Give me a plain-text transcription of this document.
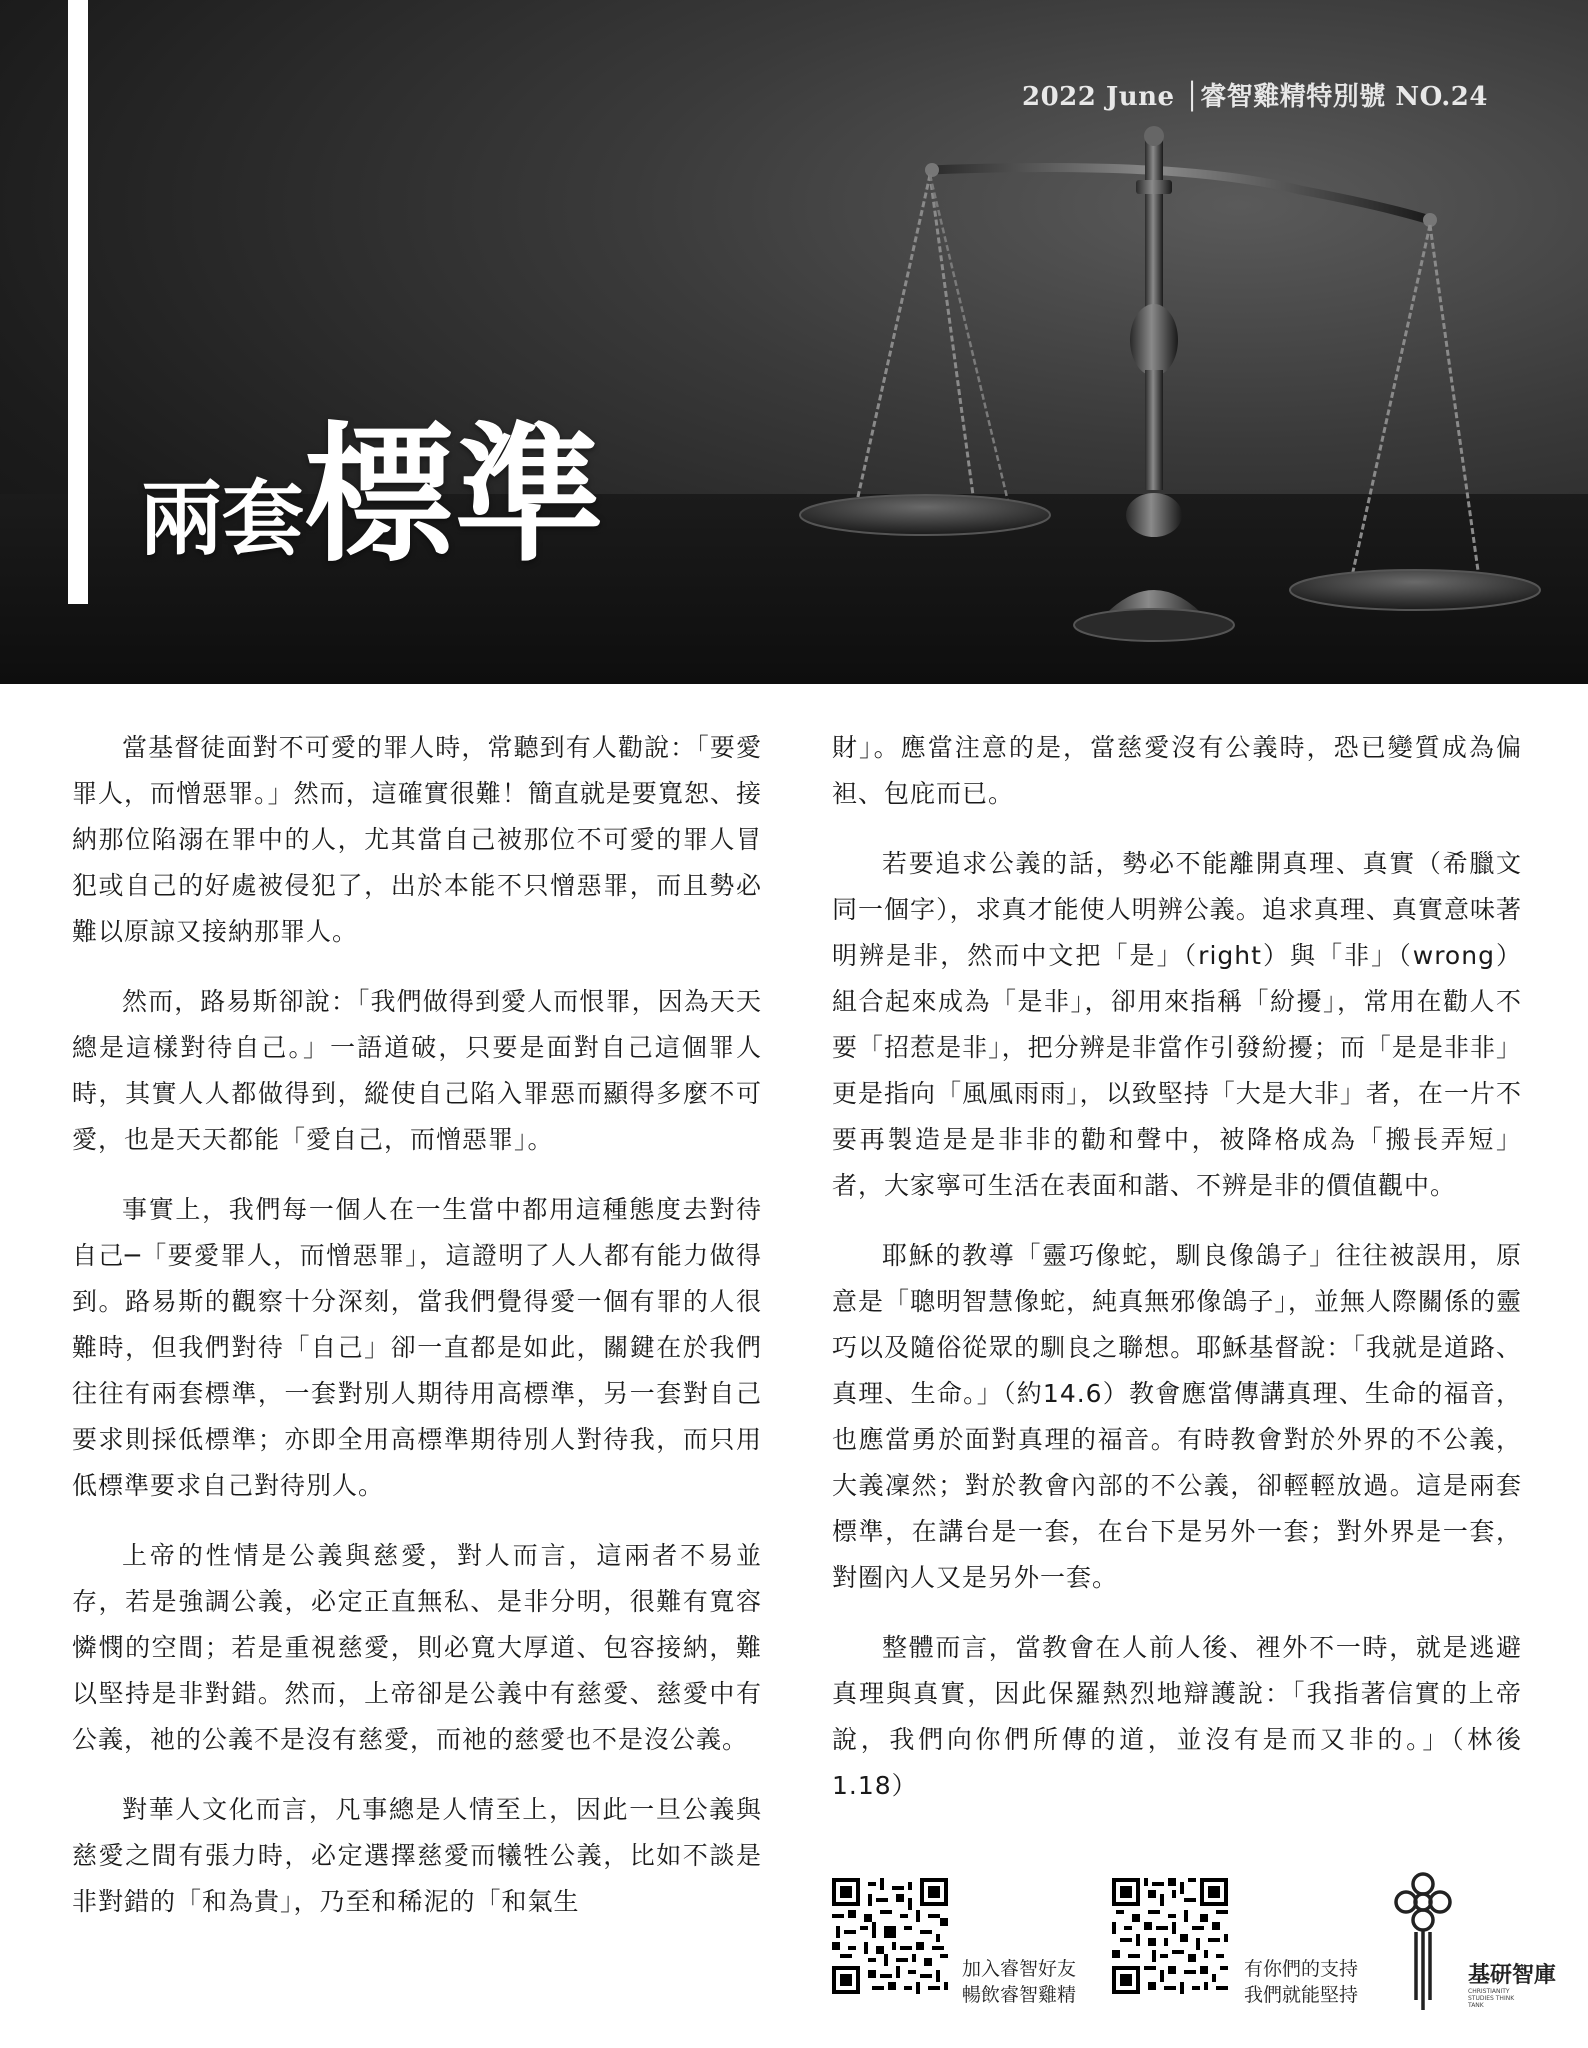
2022 June │睿智雞精特別號 NO.24
兩套標準

當基督徒面對不可愛的罪人時，常聽到有人勸說：「要愛罪人，而憎惡罪。」然而，這確實很難！簡直就是要寬恕、接納那位陷溺在罪中的人，尤其當自己被那位不可愛的罪人冒犯或自己的好處被侵犯了，出於本能不只憎惡罪，而且勢必難以原諒又接納那罪人。

然而，路易斯卻說：「我們做得到愛人而恨罪，因為天天總是這樣對待自己。」一語道破，只要是面對自己這個罪人時，其實人人都做得到，縱使自己陷入罪惡而顯得多麼不可愛，也是天天都能「愛自己，而憎惡罪」。

事實上，我們每一個人在一生當中都用這種態度去對待自己─「要愛罪人，而憎惡罪」，這證明了人人都有能力做得到。路易斯的觀察十分深刻，當我們覺得愛一個有罪的人很難時，但我們對待「自己」卻一直都是如此，關鍵在於我們往往有兩套標準，一套對別人期待用高標準，另一套對自己要求則採低標準；亦即全用高標準期待別人對待我，而只用低標準要求自己對待別人。

上帝的性情是公義與慈愛，對人而言，這兩者不易並存，若是強調公義，必定正直無私、是非分明，很難有寬容憐憫的空間；若是重視慈愛，則必寬大厚道、包容接納，難以堅持是非對錯。然而，上帝卻是公義中有慈愛、慈愛中有公義，祂的公義不是沒有慈愛，而祂的慈愛也不是沒公義。

對華人文化而言，凡事總是人情至上，因此一旦公義與慈愛之間有張力時，必定選擇慈愛而犧牲公義，比如不談是非對錯的「和為貴」，乃至和稀泥的「和氣生

財」。應當注意的是，當慈愛沒有公義時，恐已變質成為偏袒、包庇而已。

若要追求公義的話，勢必不能離開真理、真實（希臘文同一個字），求真才能使人明辨公義。追求真理、真實意味著明辨是非，然而中文把「是」（right）與「非」（wrong）組合起來成為「是非」，卻用來指稱「紛擾」，常用在勸人不要「招惹是非」，把分辨是非當作引發紛擾；而「是是非非」更是指向「風風雨雨」，以致堅持「大是大非」者，在一片不要再製造是是非非的勸和聲中，被降格成為「搬長弄短」者，大家寧可生活在表面和諧、不辨是非的價值觀中。

耶穌的教導「靈巧像蛇，馴良像鴿子」往往被誤用，原意是「聰明智慧像蛇，純真無邪像鴿子」，並無人際關係的靈巧以及隨俗從眾的馴良之聯想。耶穌基督說：「我就是道路、真理、生命。」（約14.6）教會應當傳講真理、生命的福音，也應當勇於面對真理的福音。有時教會對於外界的不公義，大義凜然；對於教會內部的不公義，卻輕輕放過。這是兩套標準，在講台是一套，在台下是另外一套；對外界是一套，對圈內人又是另外一套。

整體而言，當教會在人前人後、裡外不一時，就是逃避真理與真實，因此保羅熱烈地辯護說：「我指著信實的上帝說，我們向你們所傳的道，並沒有是而又非的。」（林後1.18）

加入睿智好友
暢飲睿智雞精
有你們的支持
我們就能堅持
基研智庫
CHRISTIANITY STUDIES THINK TANK
